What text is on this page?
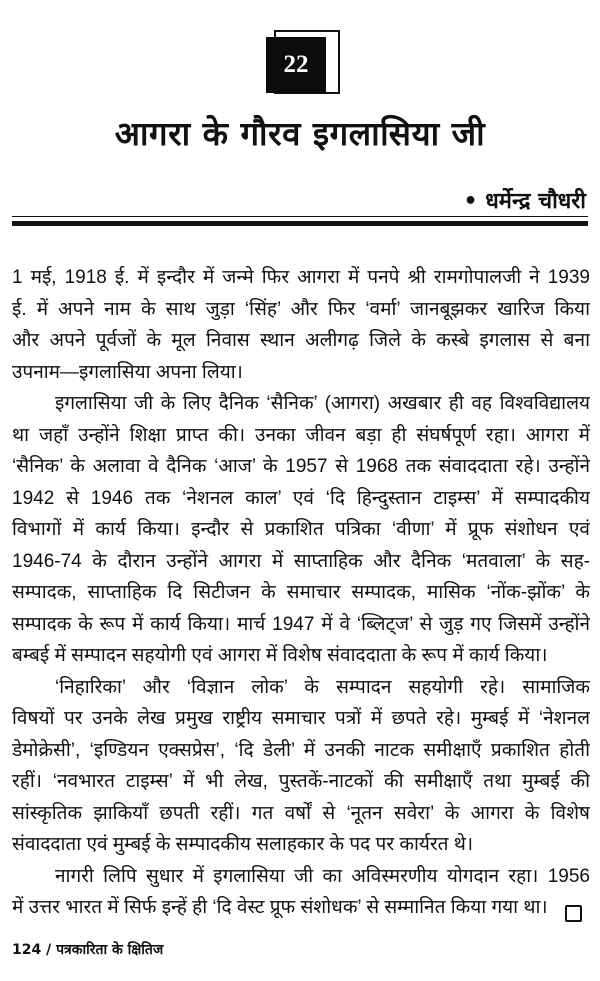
22
आगरा के गौरव इगलासिया जी
• धर्मेन्द्र चौधरी
1 मई, 1918 ई. में इन्दौर में जन्मे फिर आगरा में पनपे श्री रामगोपालजी ने 1939
ई. में अपने नाम के साथ जुड़ा ‘सिंह’ और फिर ‘वर्मा’ जानबूझकर खारिज किया
और अपने पूर्वजों के मूल निवास स्थान अलीगढ़ जिले के कस्बे इगलास से बना
उपनाम—इगलासिया अपना लिया।
इगलासिया जी के लिए दैनिक ‘सैनिक’ (आगरा) अखबार ही वह विश्वविद्यालय
था जहाँ उन्होंने शिक्षा प्राप्त की। उनका जीवन बड़ा ही संघर्षपूर्ण रहा। आगरा में
‘सैनिक’ के अलावा वे दैनिक ‘आज’ के 1957 से 1968 तक संवाददाता रहे। उन्होंने
1942 से 1946 तक ‘नेशनल काल’ एवं ‘दि हिन्दुस्तान टाइम्स’ में सम्पादकीय
विभागों में कार्य किया। इन्दौर से प्रकाशित पत्रिका ‘वीणा’ में प्रूफ संशोधन एवं
1946-74 के दौरान उन्होंने आगरा में साप्ताहिक और दैनिक ‘मतवाला’ के सह-
सम्पादक, साप्ताहिक दि सिटीजन के समाचार सम्पादक, मासिक ‘नोंक-झोंक’ के
सम्पादक के रूप में कार्य किया। मार्च 1947 में वे ‘ब्लिट्ज’ से जुड़ गए जिसमें उन्होंने
बम्बई में सम्पादन सहयोगी एवं आगरा में विशेष संवाददाता के रूप में कार्य किया।
‘निहारिका’ और ‘विज्ञान लोक’ के सम्पादन सहयोगी रहे। सामाजिक
विषयों पर उनके लेख प्रमुख राष्ट्रीय समाचार पत्रों में छपते रहे। मुम्बई में ‘नेशनल
डेमोक्रेसी’, ‘इण्डियन एक्सप्रेस’, ‘दि डेली’ में उनकी नाटक समीक्षाएँ प्रकाशित होती
रहीं। ‘नवभारत टाइम्स’ में भी लेख, पुस्तकें-नाटकों की समीक्षाएँ तथा मुम्बई की
सांस्कृतिक झाकियाँ छपती रहीं। गत वर्षों से ‘नूतन सवेरा’ के आगरा के विशेष
संवाददाता एवं मुम्बई के सम्पादकीय सलाहकार के पद पर कार्यरत थे।
नागरी लिपि सुधार में इगलासिया जी का अविस्मरणीय योगदान रहा। 1956
में उत्तर भारत में सिर्फ इन्हें ही ‘दि वेस्ट प्रूफ संशोधक’ से सम्मानित किया गया था।
124 / पत्रकारिता के क्षितिज
